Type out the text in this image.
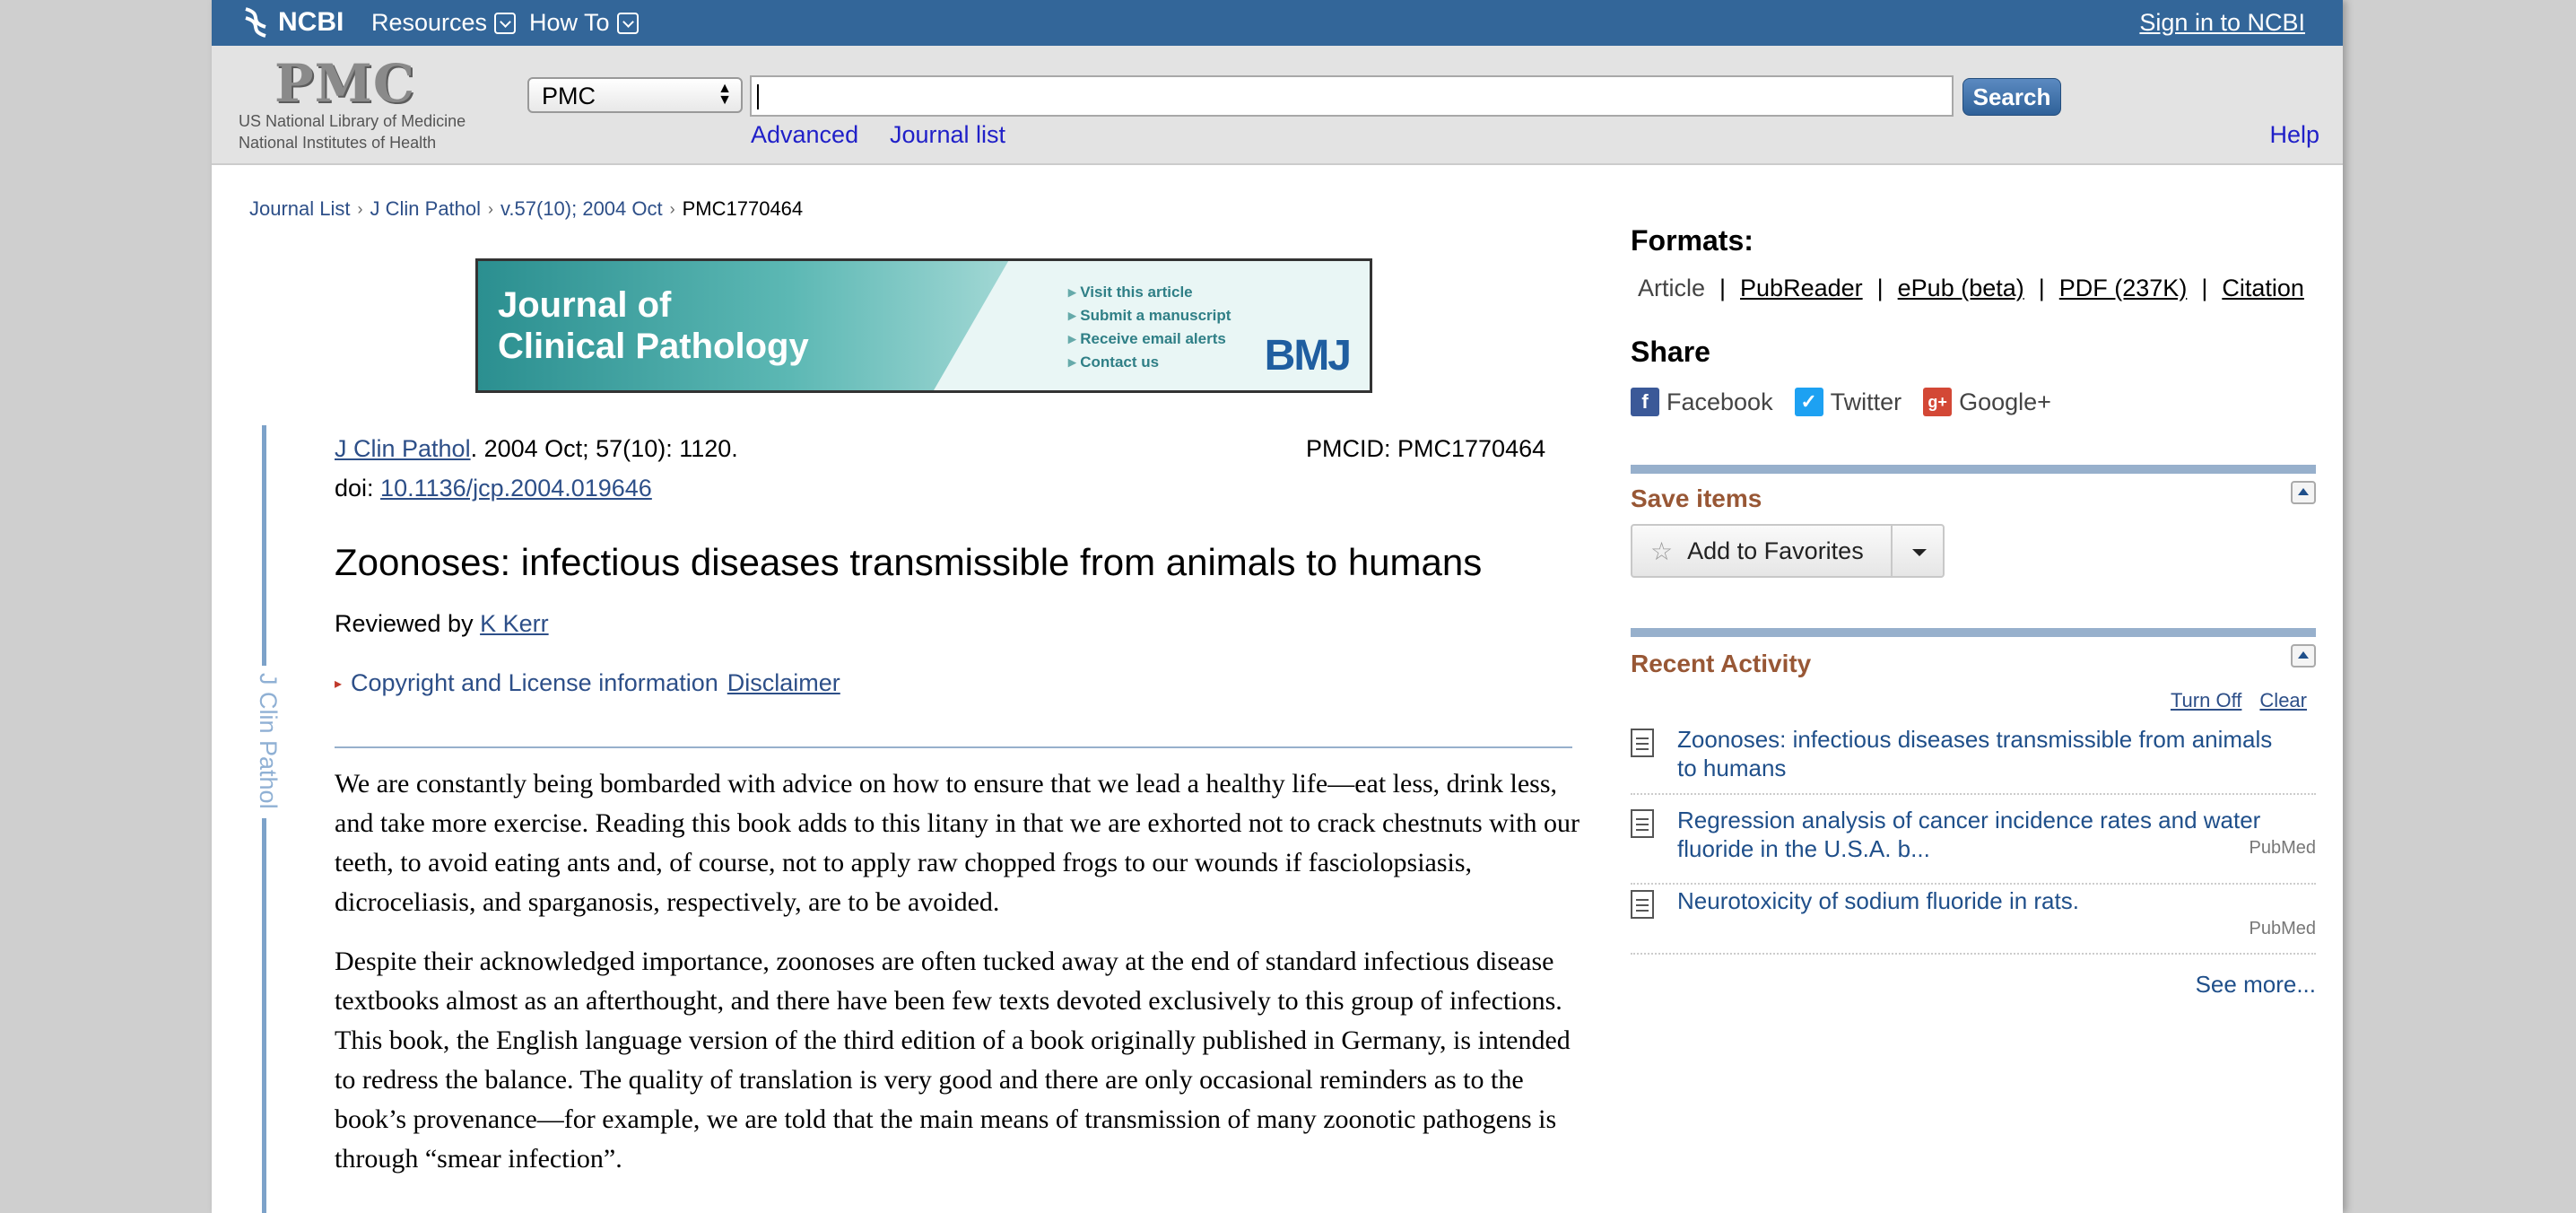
NCBI Resources How To	Sign in to NCBI
PMC
US National Library of Medicine
National Institutes of Health
PMC	▲
▼	Search
Advanced Journal list	Help
Journal List › J Clin Pathol › v.57(10); 2004 Oct › PMC1770464
Journal of
Clinical Pathology
▸ Visit this article
▸ Submit a manuscript
▸ Receive email alerts
▸ Contact us	BMJ
J Clin Pathol
J Clin Pathol. 2004 Oct; 57(10): 1120.
doi: 10.1136/jcp.2004.019646
PMCID: PMC1770464
Zoonoses: infectious diseases transmissible from animals to humans
Reviewed by K Kerr
▸ Copyright and License information Disclaimer

We are constantly being bombarded with advice on how to ensure that we lead a healthy life—eat less, drink less, and take more exercise. Reading this book adds to this litany in that we are exhorted not to crack chestnuts with our teeth, to avoid eating ants and, of course, not to apply raw chopped frogs to our wounds if fasciolopsiasis, dicroceliasis, and sparganosis, respectively, are to be avoided.

Despite their acknowledged importance, zoonoses are often tucked away at the end of standard infectious disease textbooks almost as an afterthought, and there have been few texts devoted exclusively to this group of infections. This book, the English language version of the third edition of a book originally published in Germany, is intended to redress the balance. The quality of translation is very good and there are only occasional reminders as to the book’s provenance—for example, we are told that the main means of transmission of many zoonotic pathogens is through “smear infection”.

Formats:
Article | PubReader | ePub (beta) | PDF (237K) | Citation
Share
f Facebook	✓ Twitter g+ Google+
Save items
☆ Add to Favorites
Recent Activity
Turn Off Clear
Zoonoses: infectious diseases transmissible from animals to humans
Regression analysis of cancer incidence rates and water fluoride in the U.S.A. b...	PubMed
Neurotoxicity of sodium fluoride in rats.
PubMed
See more...
